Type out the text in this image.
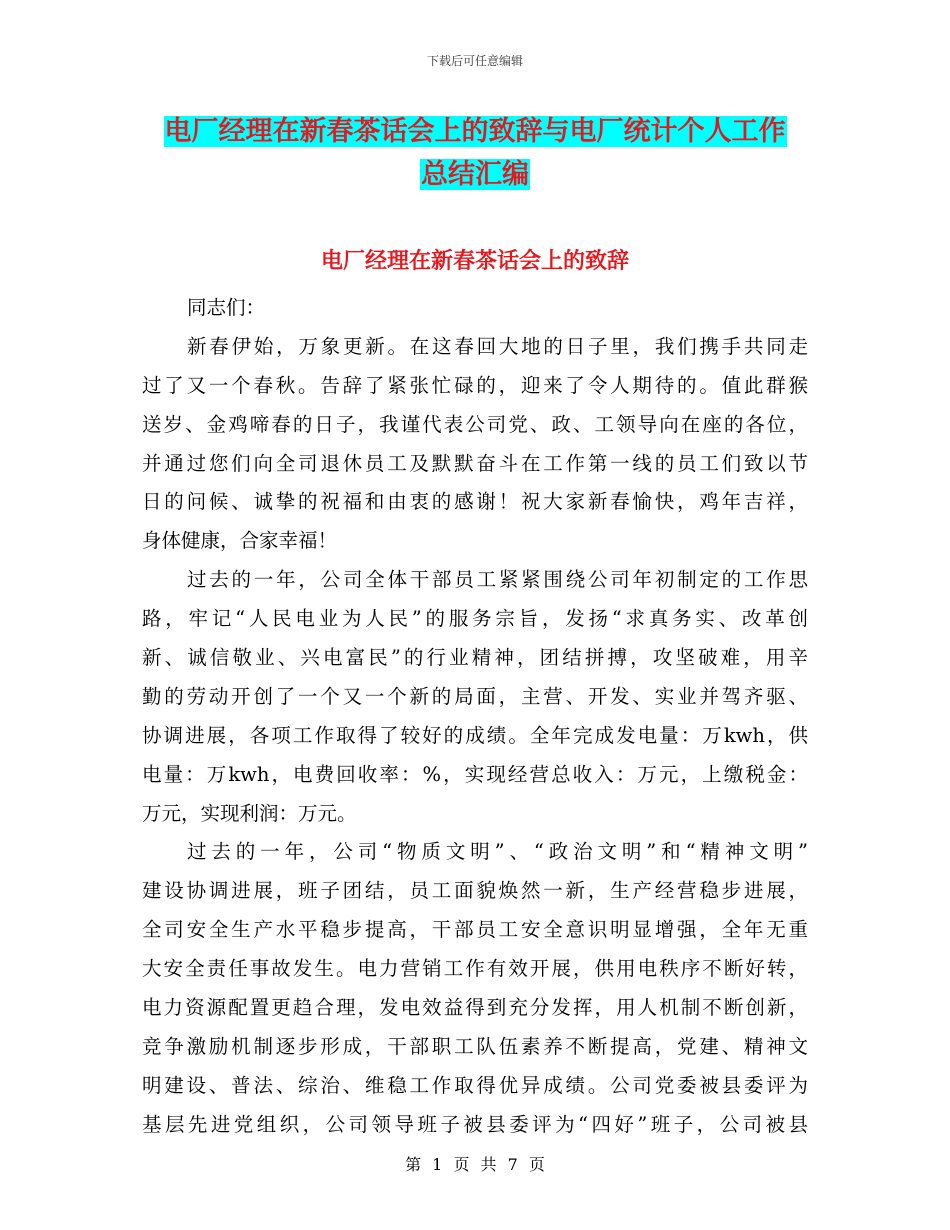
下载后可任意编辑
电厂经理在新春茶话会上的致辞与电厂统计个人工作
总结汇编
电厂经理在新春茶话会上的致辞
同志们：
新春伊始，万象更新。在这春回大地的日子里，我们携手共同走
过了又一个春秋。告辞了紧张忙碌的，迎来了令人期待的。值此群猴
送岁、金鸡啼春的日子，我谨代表公司党、政、工领导向在座的各位，
并通过您们向全司退休员工及默默奋斗在工作第一线的员工们致以节
日的问候、诚挚的祝福和由衷的感谢！祝大家新春愉快，鸡年吉祥，
身体健康，合家幸福！
过去的一年，公司全体干部员工紧紧围绕公司年初制定的工作思
路，牢记“人民电业为人民”的服务宗旨，发扬“求真务实、改革创
新、诚信敬业、兴电富民”的行业精神，团结拼搏，攻坚破难，用辛
勤的劳动开创了一个又一个新的局面，主营、开发、实业并驾齐驱、
协调进展，各项工作取得了较好的成绩。全年完成发电量：万kwh，供
电量：万kwh，电费回收率：%，实现经营总收入：万元，上缴税金：
万元，实现利润：万元。
过去的一年，公司“物质文明”、“政治文明”和“精神文明”
建设协调进展，班子团结，员工面貌焕然一新，生产经营稳步进展，
全司安全生产水平稳步提高，干部员工安全意识明显增强，全年无重
大安全责任事故发生。电力营销工作有效开展，供用电秩序不断好转，
电力资源配置更趋合理，发电效益得到充分发挥，用人机制不断创新，
竞争激励机制逐步形成，干部职工队伍素养不断提高，党建、精神文
明建设、普法、综治、维稳工作取得优异成绩。公司党委被县委评为
基层先进党组织，公司领导班子被县委评为“四好”班子，公司被县
第 1 页 共 7 页
